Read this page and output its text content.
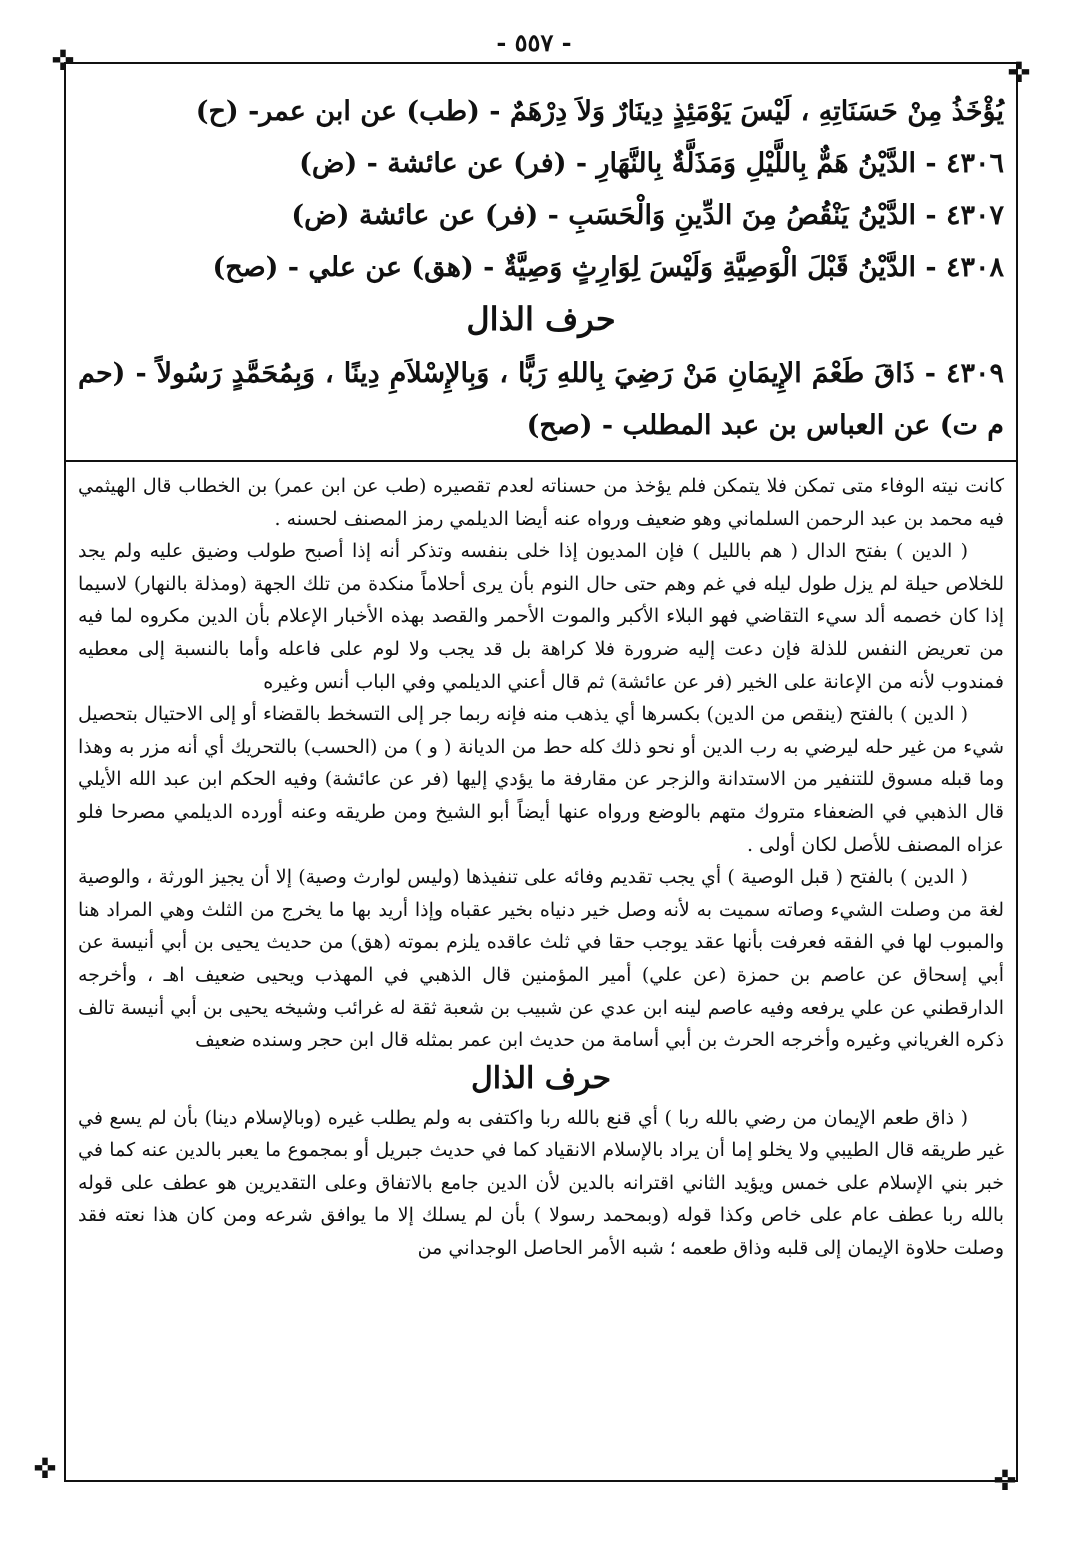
- ٥٥٧ -
✜	✜
✜	✜

يُؤْخَذُ مِنْ حَسَنَاتِهِ ، لَيْسَ يَوْمَئِذٍ دِينَارٌ وَلاَ دِرْهَمٌ - (طب) عن ابن عمر- (ح)

٤٣٠٦ - الدَّيْنُ هَمٌّ بِاللَّيْلِ وَمَذَلَّةٌ بِالنَّهَارِ - (فر) عن عائشة - (ض)

٤٣٠٧ - الدَّيْنُ يَنْقُصُ مِنَ الدِّينِ وَالْحَسَبِ - (فر) عن عائشة (ض)

٤٣٠٨ - الدَّيْنُ قَبْلَ الْوَصِيَّةِ وَلَيْسَ لِوَارِثٍ وَصِيَّةٌ - (هق) عن علي - (صح)

حرف الذال

٤٣٠٩ - ذَاقَ طَعْمَ الإِيمَانِ مَنْ رَضِيَ بِاللهِ رَبًّا ، وَبِالإِسْلاَمِ دِينًا ، وَبِمُحَمَّدٍ رَسُولاً - (حم م ت) عن العباس بن عبد المطلب - (صح)

كانت نيته الوفاء متى تمكن فلا يتمكن فلم يؤخذ من حسناته لعدم تقصيره (طب عن ابن عمر) بن الخطاب قال الهيثمي فيه محمد بن عبد الرحمن السلماني وهو ضعيف ورواه عنه أيضا الديلمي رمز المصنف لحسنه .

( الدين ) بفتح الدال ( هم بالليل ) فإن المديون إذا خلى بنفسه وتذكر أنه إذا أصبح طولب وضيق عليه ولم يجد للخلاص حيلة لم يزل طول ليله في غم وهم حتى حال النوم بأن يرى أحلاماً منكدة من تلك الجهة (ومذلة بالنهار) لاسيما إذا كان خصمه ألد سيء التقاضي فهو البلاء الأكبر والموت الأحمر والقصد بهذه الأخبار الإعلام بأن الدين مكروه لما فيه من تعريض النفس للذلة فإن دعت إليه ضرورة فلا كراهة بل قد يجب ولا لوم على فاعله وأما بالنسبة إلى معطيه فمندوب لأنه من الإعانة على الخير (فر عن عائشة) ثم قال أعني الديلمي وفي الباب أنس وغيره

( الدين ) بالفتح (ينقص من الدين) بكسرها أي يذهب منه فإنه ربما جر إلى التسخط بالقضاء أو إلى الاحتيال بتحصيل شيء من غير حله ليرضي به رب الدين أو نحو ذلك كله حط من الديانة ( و ) من (الحسب) بالتحريك أي أنه مزر به وهذا وما قبله مسوق للتنفير من الاستدانة والزجر عن مقارفة ما يؤدي إليها (فر عن عائشة) وفيه الحكم ابن عبد الله الأيلي قال الذهبي في الضعفاء متروك متهم بالوضع ورواه عنها أيضاً أبو الشيخ ومن طريقه وعنه أورده الديلمي مصرحا فلو عزاه المصنف للأصل لكان أولى .

( الدين ) بالفتح ( قبل الوصية ) أي يجب تقديم وفائه على تنفيذها (وليس لوارث وصية) إلا أن يجيز الورثة ، والوصية لغة من وصلت الشيء وصاته سميت به لأنه وصل خير دنياه بخير عقباه وإذا أريد بها ما يخرج من الثلث وهي المراد هنا والمبوب لها في الفقه فعرفت بأنها عقد يوجب حقا في ثلث عاقده يلزم بموته (هق) من حديث يحيى بن أبي أنيسة عن أبي إسحاق عن عاصم بن حمزة (عن علي) أمير المؤمنين قال الذهبي في المهذب ويحيى ضعيف اهـ ، وأخرجه الدارقطني عن علي يرفعه وفيه عاصم لينه ابن عدي عن شبيب بن شعبة ثقة له غرائب وشيخه يحيى بن أبي أنيسة تالف ذكره الغرياني وغيره وأخرجه الحرث بن أبي أسامة من حديث ابن عمر بمثله قال ابن حجر وسنده ضعيف

حرف الذال

( ذاق طعم الإيمان من رضي بالله ربا ) أي قنع بالله ربا واكتفى به ولم يطلب غيره (وبالإسلام دينا) بأن لم يسع في غير طريقه قال الطيبي ولا يخلو إما أن يراد بالإسلام الانقياد كما في حديث جبريل أو بمجموع ما يعبر بالدين عنه كما في خبر بني الإسلام على خمس ويؤيد الثاني اقترانه بالدين لأن الدين جامع بالاتفاق وعلى التقديرين هو عطف على قوله بالله ربا عطف عام على خاص وكذا قوله (وبمحمد رسولا ) بأن لم يسلك إلا ما يوافق شرعه ومن كان هذا نعته فقد وصلت حلاوة الإيمان إلى قلبه وذاق طعمه ؛ شبه الأمر الحاصل الوجداني من
